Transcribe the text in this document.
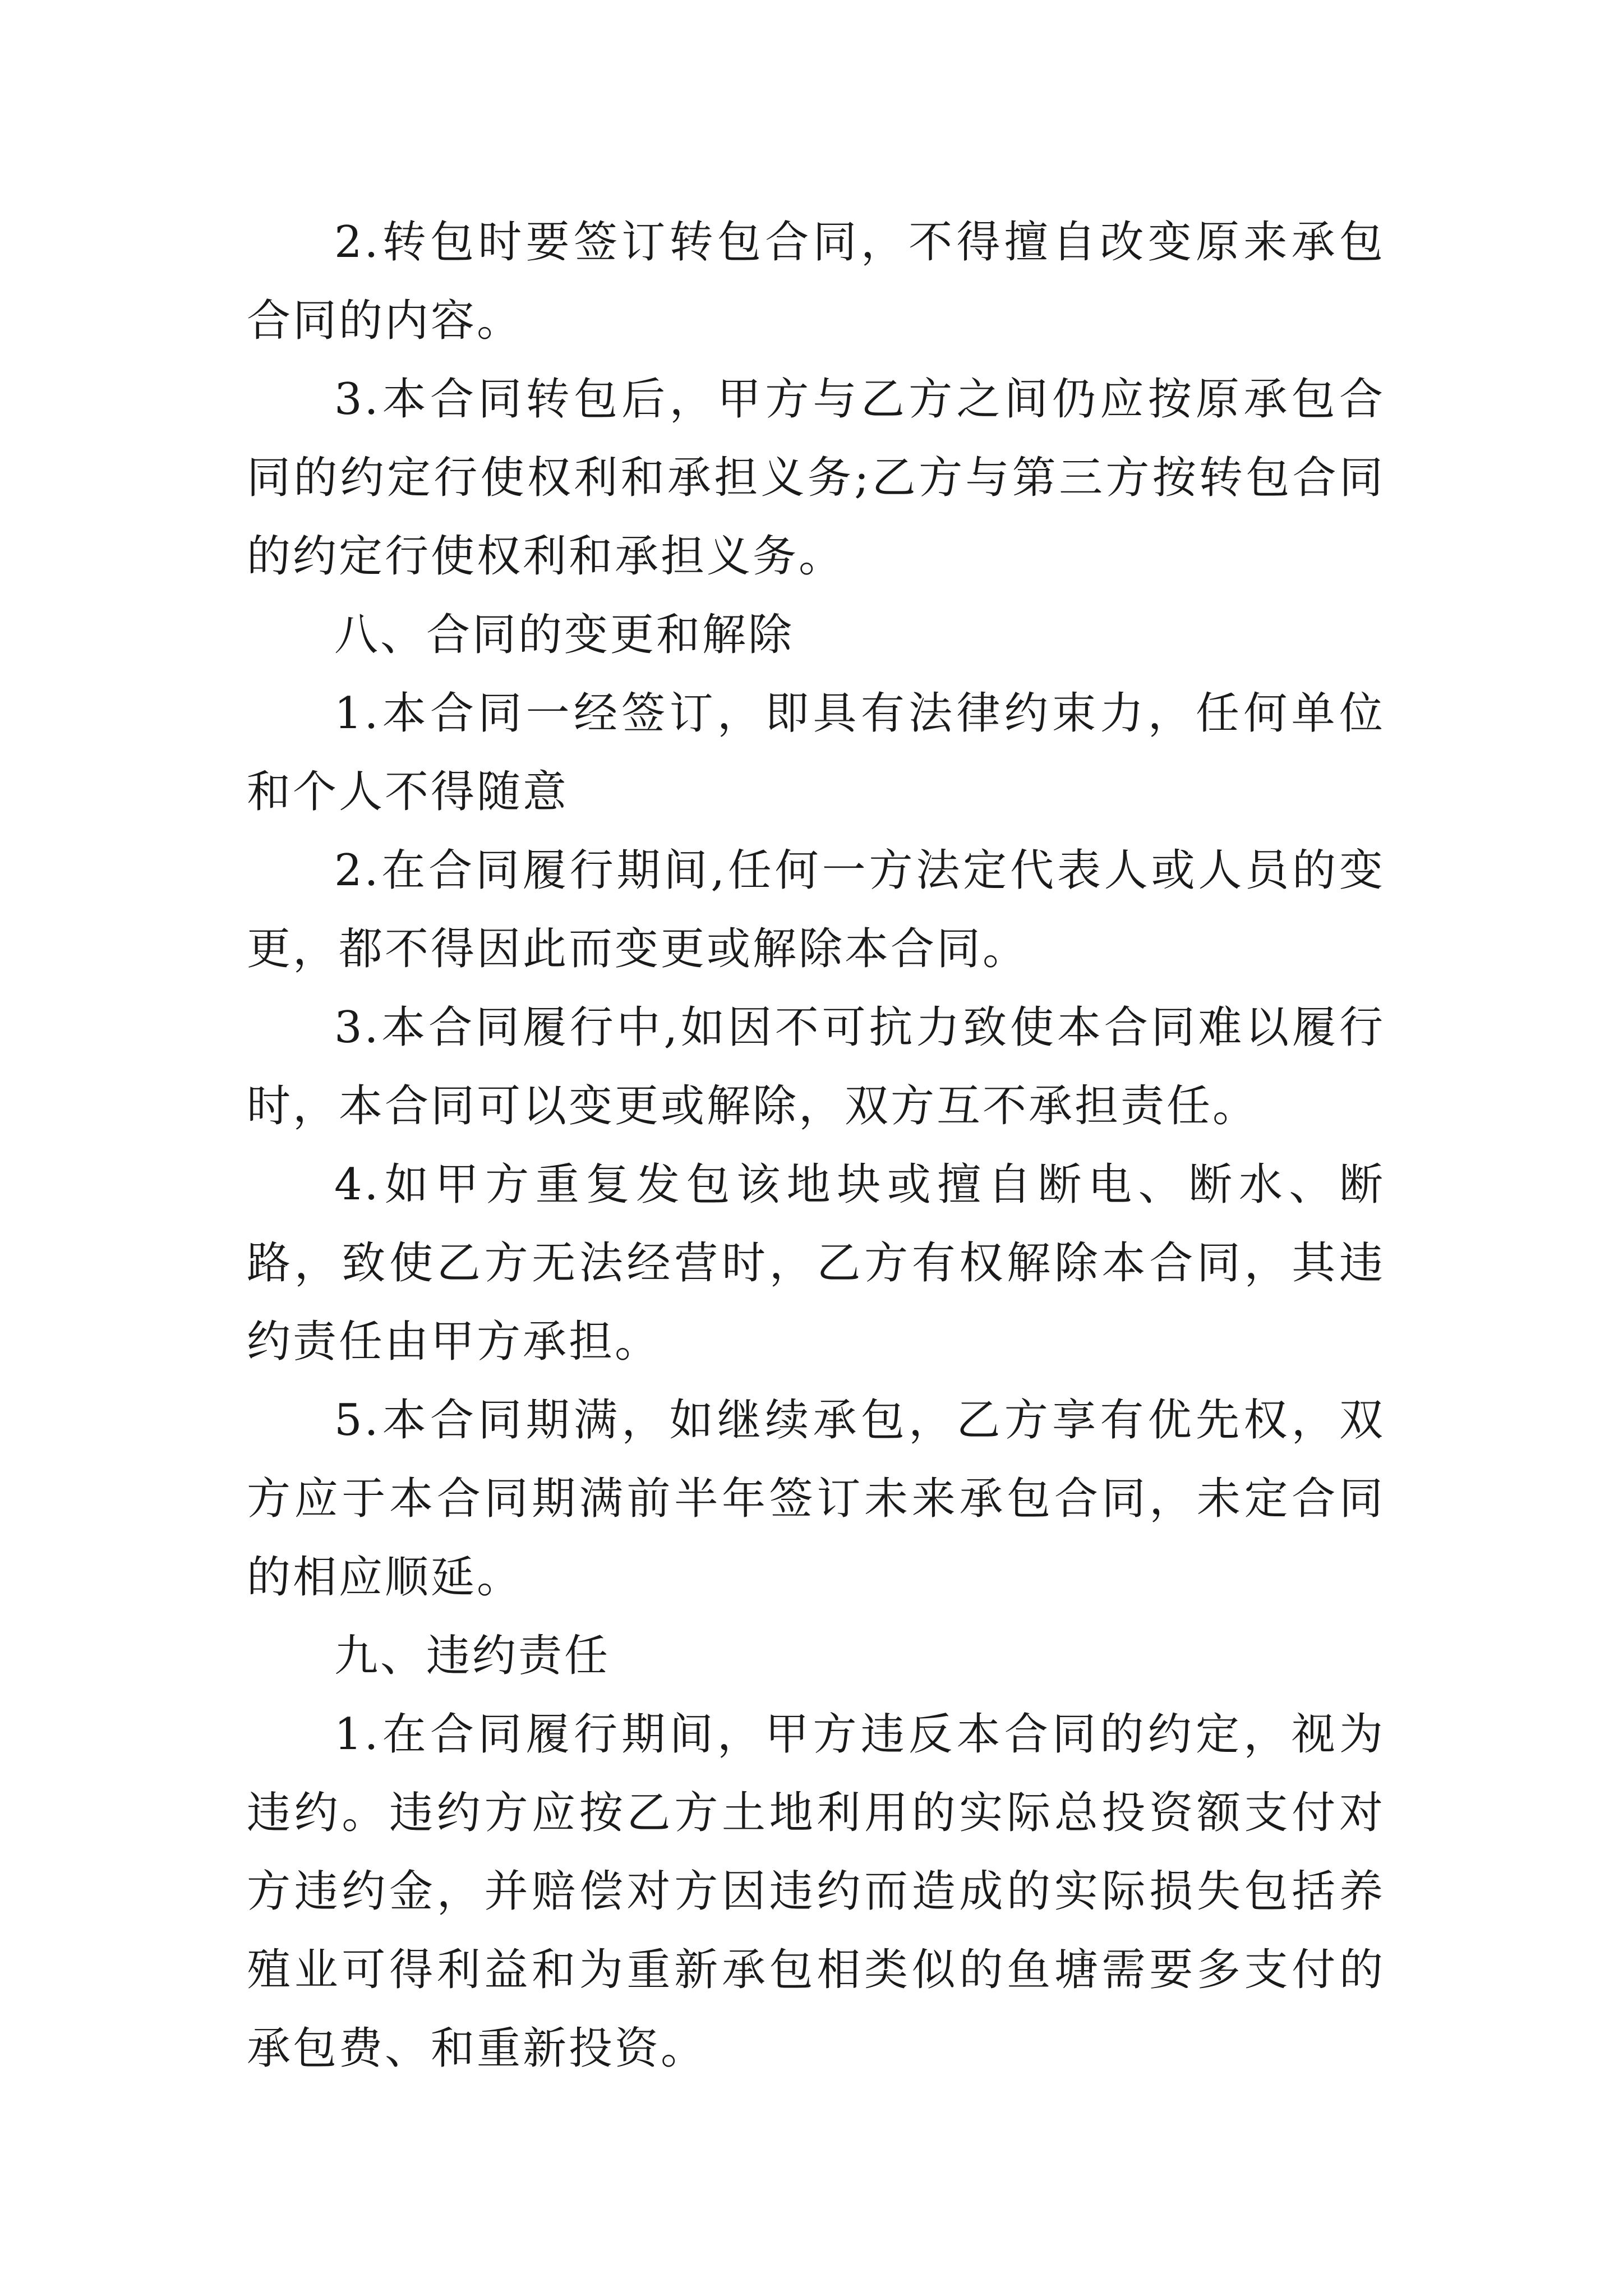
2.转包时要签订转包合同，不得擅自改变原来承包合同的内容。

3.本合同转包后，甲方与乙方之间仍应按原承包合同的约定行使权利和承担义务;乙方与第三方按转包合同的约定行使权利和承担义务。

八、合同的变更和解除

1.本合同一经签订，即具有法律约束力，任何单位和个人不得随意

2.在合同履行期间,任何一方法定代表人或人员的变更，都不得因此而变更或解除本合同。

3.本合同履行中,如因不可抗力致使本合同难以履行时，本合同可以变更或解除，双方互不承担责任。

4.如甲方重复发包该地块或擅自断电、断水、断路，致使乙方无法经营时，乙方有权解除本合同，其违约责任由甲方承担。

5.本合同期满，如继续承包，乙方享有优先权，双方应于本合同期满前半年签订未来承包合同，未定合同的相应顺延。

九、违约责任

1.在合同履行期间，甲方违反本合同的约定，视为违约。违约方应按乙方土地利用的实际总投资额支付对方违约金，并赔偿对方因违约而造成的实际损失包括养殖业可得利益和为重新承包相类似的鱼塘需要多支付的承包费、和重新投资。
